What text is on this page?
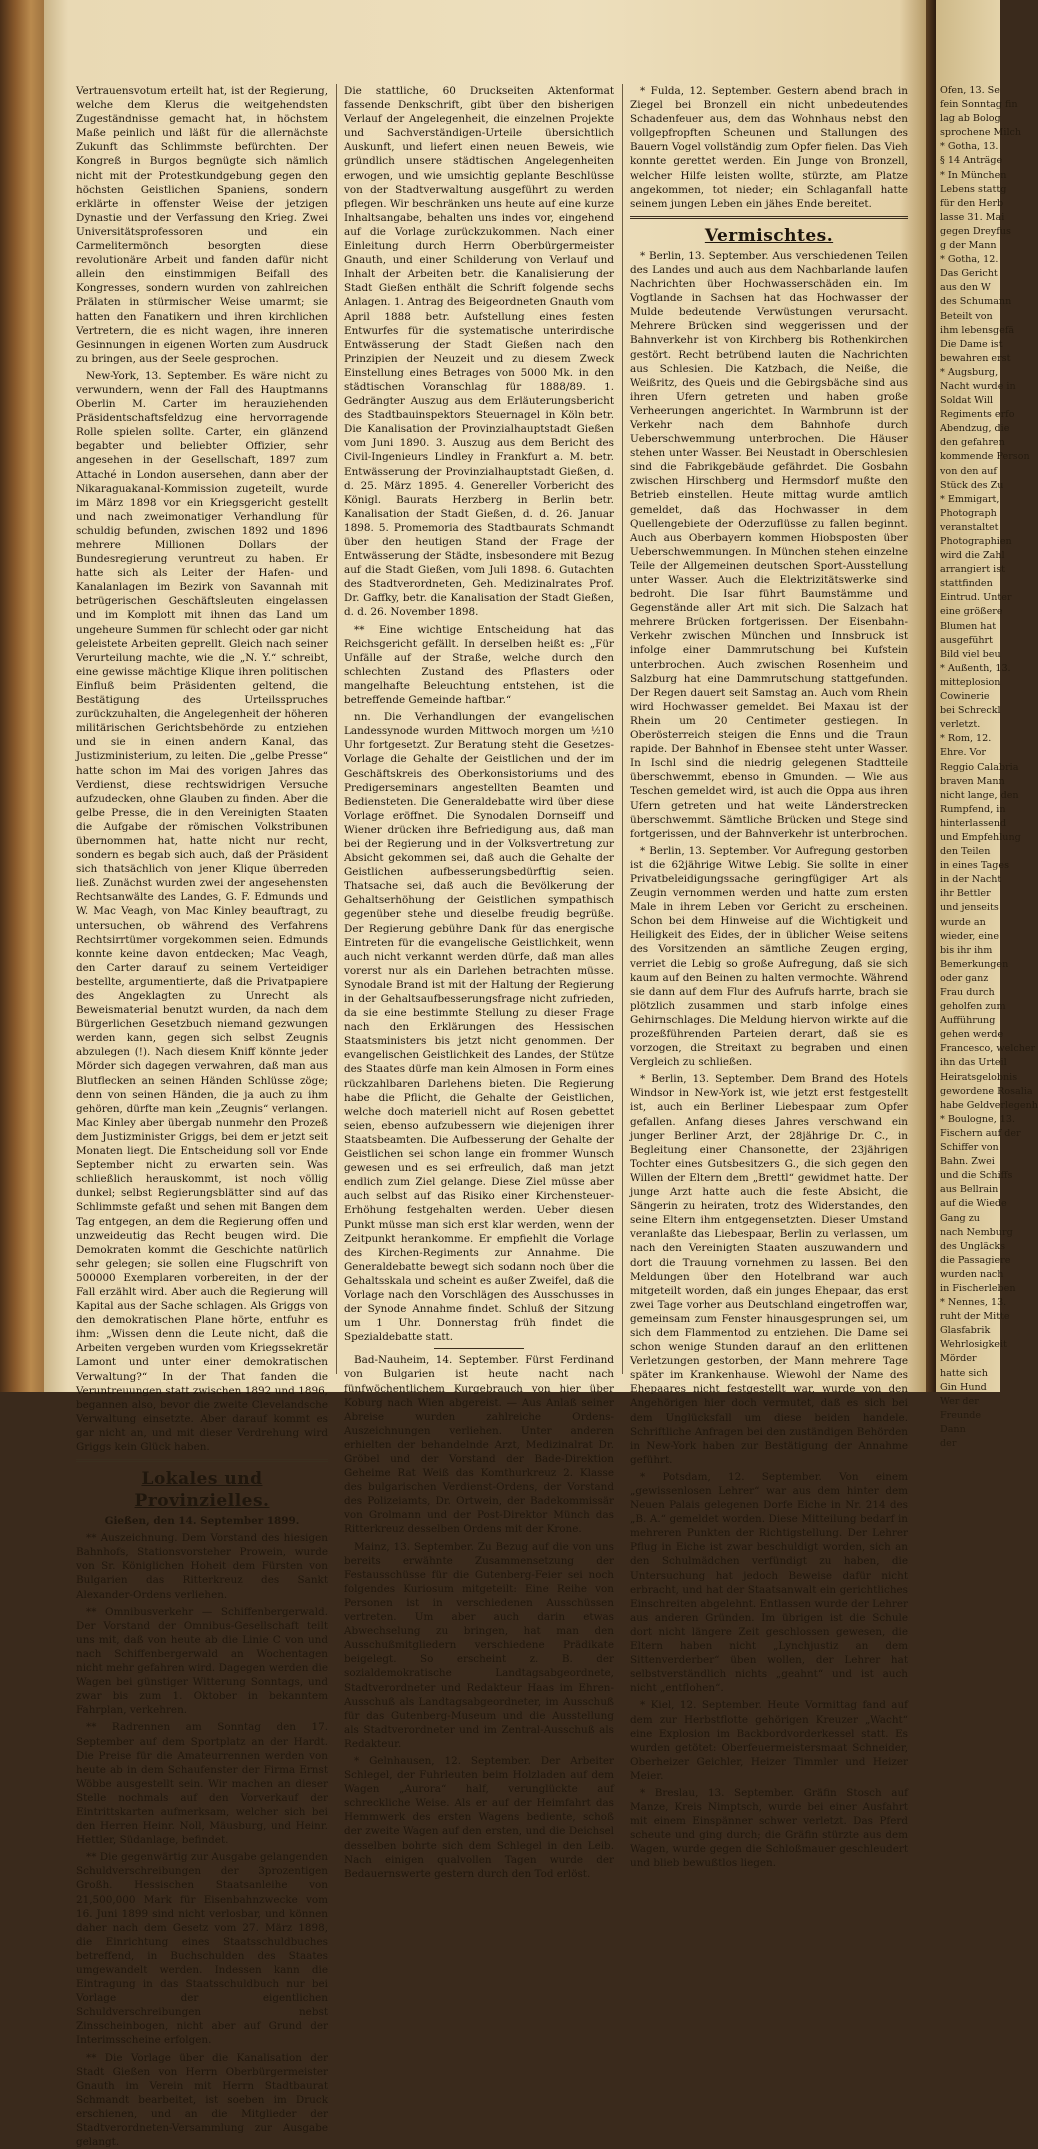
Vertrauensvotum erteilt hat, ist der Regierung, welche dem Klerus die weitgehendsten Zugeständnisse gemacht hat, in höchstem Maße peinlich und läßt für die allernächste Zukunft das Schlimmste befürchten. Der Kongreß in Burgos begnügte sich nämlich nicht mit der Protestkundgebung gegen den höchsten Geistlichen Spaniens, sondern erklärte in offenster Weise der jetzigen Dynastie und der Verfassung den Krieg. Zwei Universitätsprofessoren und ein Carmelitermönch besorgten diese revolutionäre Arbeit und fanden dafür nicht allein den einstimmigen Beifall des Kongresses, sondern wurden von zahlreichen Prälaten in stürmischer Weise umarmt; sie hatten den Fanatikern und ihren kirchlichen Vertretern, die es nicht wagen, ihre inneren Gesinnungen in eigenen Worten zum Ausdruck zu bringen, aus der Seele gesprochen.

New-York, 13. September. Es wäre nicht zu verwundern, wenn der Fall des Hauptmanns Oberlin M. Carter im herauziehenden Präsidentschaftsfeldzug eine hervorragende Rolle spielen sollte. Carter, ein glänzend begabter und beliebter Offizier, sehr angesehen in der Gesellschaft, 1897 zum Attaché in London ausersehen, dann aber der Nikaraguakanal-Kommission zugeteilt, wurde im März 1898 vor ein Kriegsgericht gestellt und nach zweimonatiger Verhandlung für schuldig befunden, zwischen 1892 und 1896 mehrere Millionen Dollars der Bundesregierung veruntreut zu haben. Er hatte sich als Leiter der Hafen- und Kanalanlagen im Bezirk von Savannah mit betrügerischen Geschäftsleuten eingelassen und im Komplott mit ihnen das Land um ungeheure Summen für schlecht oder gar nicht geleistete Arbeiten geprellt. Gleich nach seiner Verurteilung machte, wie die „N. Y.“ schreibt, eine gewisse mächtige Klique ihren politischen Einfluß beim Präsidenten geltend, die Bestätigung des Urteilsspruches zurückzuhalten, die Angelegenheit der höheren militärischen Gerichtsbehörde zu entziehen und sie in einen andern Kanal, das Justizministerium, zu leiten. Die „gelbe Presse“ hatte schon im Mai des vorigen Jahres das Verdienst, diese rechtswidrigen Versuche aufzudecken, ohne Glauben zu finden. Aber die gelbe Presse, die in den Vereinigten Staaten die Aufgabe der römischen Volkstribunen übernommen hat, hatte nicht nur recht, sondern es begab sich auch, daß der Präsident sich thatsächlich von jener Klique überreden ließ. Zunächst wurden zwei der angesehensten Rechtsanwälte des Landes, G. F. Edmunds und W. Mac Veagh, von Mac Kinley beauftragt, zu untersuchen, ob während des Verfahrens Rechtsirrtümer vorgekommen seien. Edmunds konnte keine davon entdecken; Mac Veagh, den Carter darauf zu seinem Verteidiger bestellte, argumentierte, daß die Privatpapiere des Angeklagten zu Unrecht als Beweismaterial benutzt wurden, da nach dem Bürgerlichen Gesetzbuch niemand gezwungen werden kann, gegen sich selbst Zeugnis abzulegen (!). Nach diesem Kniff könnte jeder Mörder sich dagegen verwahren, daß man aus Blutflecken an seinen Händen Schlüsse zöge; denn von seinen Händen, die ja auch zu ihm gehören, dürfte man kein „Zeugnis“ verlangen. Mac Kinley aber übergab nunmehr den Prozeß dem Justizminister Griggs, bei dem er jetzt seit Monaten liegt. Die Entscheidung soll vor Ende September nicht zu erwarten sein. Was schließlich herauskommt, ist noch völlig dunkel; selbst Regierungsblätter sind auf das Schlimmste gefaßt und sehen mit Bangen dem Tag entgegen, an dem die Regierung offen und unzweideutig das Recht beugen wird. Die Demokraten kommt die Geschichte natürlich sehr gelegen; sie sollen eine Flugschrift von 500000 Exemplaren vorbereiten, in der der Fall erzählt wird. Aber auch die Regierung will Kapital aus der Sache schlagen. Als Griggs von den demokratischen Plane hörte, entfuhr es ihm: „Wissen denn die Leute nicht, daß die Arbeiten vergeben wurden vom Kriegssekretär Lamont und unter einer demokratischen Verwaltung?“ In der That fanden die Veruntreuungen statt zwischen 1892 und 1896, begannen also, bevor die zweite Clevelandsche Verwaltung einsetzte. Aber darauf kommt es gar nicht an, und mit dieser Verdrehung wird Griggs kein Glück haben.

Lokales und Provinzielles.

Gießen, den 14. September 1899.

** Auszeichnung. Dem Vorstand des hiesigen Bahnhofs, Stationsvorsteher Prowein, wurde von Sr. Königlichen Hoheit dem Fürsten von Bulgarien das Ritterkreuz des Sankt Alexander-Ordens verliehen.

** Omnibusverkehr — Schiffenbergerwald. Der Vorstand der Omnibus-Gesellschaft teilt uns mit, daß von heute ab die Linie C von und nach Schiffenbergerwald an Wochentagen nicht mehr gefahren wird. Dagegen werden die Wagen bei günstiger Witterung Sonntags, und zwar bis zum 1. Oktober in bekanntem Fahrplan, verkehren.

** Radrennen am Sonntag den 17. September auf dem Sportplatz an der Hardt. Die Preise für die Amateurrennen werden von heute ab in dem Schaufenster der Firma Ernst Wöbbe ausgestellt sein. Wir machen an dieser Stelle nochmals auf den Vorverkauf der Eintrittskarten aufmerksam, welcher sich bei den Herren Heinr. Noll, Mäusburg, und Heinr. Hettler, Südanlage, befindet.

** Die gegenwärtig zur Ausgabe gelangenden Schuldverschreibungen der 3prozentigen Großh. Hessischen Staatsanleihe von 21,500,000 Mark für Eisenbahnzwecke vom 16. Juni 1899 sind nicht verlosbar, und können daher nach dem Gesetz vom 27. März 1898, die Einrichtung eines Staatsschuldbuches betreffend, in Buchschulden des Staates umgewandelt werden. Indessen kann die Eintragung in das Staatsschuldbuch nur bei Vorlage der eigentlichen Schuldverschreibungen nebst Zinsscheinbogen, nicht aber auf Grund der Interimsscheine erfolgen.

** Die Vorlage über die Kanalisation der Stadt Gießen von Herrn Oberbürgermeister Gnauth im Verein mit Herrn Stadtbaurat Schmandt bearbeitet, ist soeben im Druck erschienen, und an die Mitglieder der Stadtverordneten-Versammlung zur Ausgabe gelangt.

Die stattliche, 60 Druckseiten Aktenformat fassende Denkschrift, gibt über den bisherigen Verlauf der Angelegenheit, die einzelnen Projekte und Sachverständigen-Urteile übersichtlich Auskunft, und liefert einen neuen Beweis, wie gründlich unsere städtischen Angelegenheiten erwogen, und wie umsichtig geplante Beschlüsse von der Stadtverwaltung ausgeführt zu werden pflegen. Wir beschränken uns heute auf eine kurze Inhaltsangabe, behalten uns indes vor, eingehend auf die Vorlage zurückzukommen. Nach einer Einleitung durch Herrn Oberbürgermeister Gnauth, und einer Schilderung von Verlauf und Inhalt der Arbeiten betr. die Kanalisierung der Stadt Gießen enthält die Schrift folgende sechs Anlagen. 1. Antrag des Beigeordneten Gnauth vom April 1888 betr. Aufstellung eines festen Entwurfes für die systematische unterirdische Entwässerung der Stadt Gießen nach den Prinzipien der Neuzeit und zu diesem Zweck Einstellung eines Betrages von 5000 Mk. in den städtischen Voranschlag für 1888/89. 1. Gedrängter Auszug aus dem Erläuterungsbericht des Stadtbauinspektors Steuernagel in Köln betr. Die Kanalisation der Provinzialhauptstadt Gießen vom Juni 1890. 3. Auszug aus dem Bericht des Civil-Ingenieurs Lindley in Frankfurt a. M. betr. Entwässerung der Provinzialhauptstadt Gießen, d. d. 25. März 1895. 4. Genereller Vorbericht des Königl. Baurats Herzberg in Berlin betr. Kanalisation der Stadt Gießen, d. d. 26. Januar 1898. 5. Promemoria des Stadtbaurats Schmandt über den heutigen Stand der Frage der Entwässerung der Städte, insbesondere mit Bezug auf die Stadt Gießen, vom Juli 1898. 6. Gutachten des Stadtverordneten, Geh. Medizinalrates Prof. Dr. Gaffky, betr. die Kanalisation der Stadt Gießen, d. d. 26. November 1898.

** Eine wichtige Entscheidung hat das Reichsgericht gefällt. In derselben heißt es: „Für Unfälle auf der Straße, welche durch den schlechten Zustand des Pflasters oder mangelhafte Beleuchtung entstehen, ist die betreffende Gemeinde haftbar.“

nn. Die Verhandlungen der evangelischen Landessynode wurden Mittwoch morgen um ½10 Uhr fortgesetzt. Zur Beratung steht die Gesetzes-Vorlage die Gehalte der Geistlichen und der im Geschäftskreis des Oberkonsistoriums und des Predigerseminars angestellten Beamten und Bediensteten. Die Generaldebatte wird über diese Vorlage eröffnet. Die Synodalen Dornseiff und Wiener drücken ihre Befriedigung aus, daß man bei der Regierung und in der Volksvertretung zur Absicht gekommen sei, daß auch die Gehalte der Geistlichen aufbesserungsbedürftig seien. Thatsache sei, daß auch die Bevölkerung der Gehaltserhöhung der Geistlichen sympathisch gegenüber stehe und dieselbe freudig begrüße. Der Regierung gebühre Dank für das energische Eintreten für die evangelische Geistlichkeit, wenn auch nicht verkannt werden dürfe, daß man alles vorerst nur als ein Darlehen betrachten müsse. Synodale Brand ist mit der Haltung der Regierung in der Gehaltsaufbesserungsfrage nicht zufrieden, da sie eine bestimmte Stellung zu dieser Frage nach den Erklärungen des Hessischen Staatsministers bis jetzt nicht genommen. Der evangelischen Geistlichkeit des Landes, der Stütze des Staates dürfe man kein Almosen in Form eines rückzahlbaren Darlehens bieten. Die Regierung habe die Pflicht, die Gehalte der Geistlichen, welche doch materiell nicht auf Rosen gebettet seien, ebenso aufzubessern wie diejenigen ihrer Staatsbeamten. Die Aufbesserung der Gehalte der Geistlichen sei schon lange ein frommer Wunsch gewesen und es sei erfreulich, daß man jetzt endlich zum Ziel gelange. Diese Ziel müsse aber auch selbst auf das Risiko einer Kirchensteuer-Erhöhung festgehalten werden. Ueber diesen Punkt müsse man sich erst klar werden, wenn der Zeitpunkt herankomme. Er empfiehlt die Vorlage des Kirchen-Regiments zur Annahme. Die Generaldebatte bewegt sich sodann noch über die Gehaltsskala und scheint es außer Zweifel, daß die Vorlage nach den Vorschlägen des Ausschusses in der Synode Annahme findet. Schluß der Sitzung um 1 Uhr. Donnerstag früh findet die Spezialdebatte statt.

Bad-Nauheim, 14. September. Fürst Ferdinand von Bulgarien ist heute nacht nach fünfwöchentlichem Kurgebrauch von hier über Koburg nach Wien abgereist. — Aus Anlaß seiner Abreise wurden zahlreiche Ordens-Auszeichnungen verliehen. Unter anderen erhielten der behandelnde Arzt, Medizinalrat Dr. Gröbel und der Vorstand der Bade-Direktion Geheime Rat Weiß das Komthurkreuz 2. Klasse des bulgarischen Verdienst-Ordens, der Vorstand des Polizeiamts, Dr. Ortwein, der Badekommissär von Grolmann und der Post-Direktor Münch das Ritterkreuz desselben Ordens mit der Krone.

Mainz, 13. September. Zu Bezug auf die von uns bereits erwähnte Zusammensetzung der Festausschüsse für die Gutenberg-Feier sei noch folgendes Kuriosum mitgeteilt: Eine Reihe von Personen ist in verschiedenen Ausschüssen vertreten. Um aber auch darin etwas Abwechselung zu bringen, hat man den Ausschußmitgliedern verschiedene Prädikate beigelegt. So erscheint z. B. der sozialdemokratische Landtagsabgeordnete, Stadtverordneter und Redakteur Haas im Ehren-Ausschuß als Landtagsabgeordneter, im Ausschuß für das Gutenberg-Museum und die Ausstellung als Stadtverordneter und im Zentral-Ausschuß als Redakteur.

* Gelnhausen, 12. September. Der Arbeiter Schlegel, der Fuhrleuten beim Holzladen auf dem Wagen „Aurora“ half, verunglückte auf schreckliche Weise. Als er auf der Heimfahrt das Hemmwerk des ersten Wagens bediente, schoß der zweite Wagen auf den ersten, und die Deichsel desselben bohrte sich dem Schlegel in den Leib. Nach einigen qualvollen Tagen wurde der Bedauernswerte gestern durch den Tod erlöst.

* Fulda, 12. September. Gestern abend brach in Ziegel bei Bronzell ein nicht unbedeutendes Schadenfeuer aus, dem das Wohnhaus nebst den vollgepfropften Scheunen und Stallungen des Bauern Vogel vollständig zum Opfer fielen. Das Vieh konnte gerettet werden. Ein Junge von Bronzell, welcher Hilfe leisten wollte, stürzte, am Platze angekommen, tot nieder; ein Schlaganfall hatte seinem jungen Leben ein jähes Ende bereitet.

Vermischtes.

* Berlin, 13. September. Aus verschiedenen Teilen des Landes und auch aus dem Nachbarlande laufen Nachrichten über Hochwasserschäden ein. Im Vogtlande in Sachsen hat das Hochwasser der Mulde bedeutende Verwüstungen verursacht. Mehrere Brücken sind weggerissen und der Bahnverkehr ist von Kirchberg bis Rothenkirchen gestört. Recht betrübend lauten die Nachrichten aus Schlesien. Die Katzbach, die Neiße, die Weißritz, des Queis und die Gebirgsbäche sind aus ihren Ufern getreten und haben große Verheerungen angerichtet. In Warmbrunn ist der Verkehr nach dem Bahnhofe durch Ueberschwemmung unterbrochen. Die Häuser stehen unter Wasser. Bei Neustadt in Oberschlesien sind die Fabrikgebäude gefährdet. Die Gosbahn zwischen Hirschberg und Hermsdorf mußte den Betrieb einstellen. Heute mittag wurde amtlich gemeldet, daß das Hochwasser in dem Quellengebiete der Oderzuflüsse zu fallen beginnt. Auch aus Oberbayern kommen Hiobsposten über Ueberschwemmungen. In München stehen einzelne Teile der Allgemeinen deutschen Sport-Ausstellung unter Wasser. Auch die Elektrizitätswerke sind bedroht. Die Isar führt Baumstämme und Gegenstände aller Art mit sich. Die Salzach hat mehrere Brücken fortgerissen. Der Eisenbahn-Verkehr zwischen München und Innsbruck ist infolge einer Dammrutschung bei Kufstein unterbrochen. Auch zwischen Rosenheim und Salzburg hat eine Dammrutschung stattgefunden. Der Regen dauert seit Samstag an. Auch vom Rhein wird Hochwasser gemeldet. Bei Maxau ist der Rhein um 20 Centimeter gestiegen. In Oberösterreich steigen die Enns und die Traun rapide. Der Bahnhof in Ebensee steht unter Wasser. In Ischl sind die niedrig gelegenen Stadtteile überschwemmt, ebenso in Gmunden. — Wie aus Teschen gemeldet wird, ist auch die Oppa aus ihren Ufern getreten und hat weite Länderstrecken überschwemmt. Sämtliche Brücken und Stege sind fortgerissen, und der Bahnverkehr ist unterbrochen.

* Berlin, 13. September. Vor Aufregung gestorben ist die 62jährige Witwe Lebig. Sie sollte in einer Privatbeleidigungssache geringfügiger Art als Zeugin vernommen werden und hatte zum ersten Male in ihrem Leben vor Gericht zu erscheinen. Schon bei dem Hinweise auf die Wichtigkeit und Heiligkeit des Eides, der in üblicher Weise seitens des Vorsitzenden an sämtliche Zeugen erging, verriet die Lebig so große Aufregung, daß sie sich kaum auf den Beinen zu halten vermochte. Während sie dann auf dem Flur des Aufrufs harrte, brach sie plötzlich zusammen und starb infolge eines Gehirnschlages. Die Meldung hiervon wirkte auf die prozeßführenden Parteien derart, daß sie es vorzogen, die Streitaxt zu begraben und einen Vergleich zu schließen.

* Berlin, 13. September. Dem Brand des Hotels Windsor in New-York ist, wie jetzt erst festgestellt ist, auch ein Berliner Liebespaar zum Opfer gefallen. Anfang dieses Jahres verschwand ein junger Berliner Arzt, der 28jährige Dr. C., in Begleitung einer Chansonette, der 23jährigen Tochter eines Gutsbesitzers G., die sich gegen den Willen der Eltern dem „Brettl“ gewidmet hatte. Der junge Arzt hatte auch die feste Absicht, die Sängerin zu heiraten, trotz des Widerstandes, den seine Eltern ihm entgegensetzten. Dieser Umstand veranlaßte das Liebespaar, Berlin zu verlassen, um nach den Vereinigten Staaten auszuwandern und dort die Trauung vornehmen zu lassen. Bei den Meldungen über den Hotelbrand war auch mitgeteilt worden, daß ein junges Ehepaar, das erst zwei Tage vorher aus Deutschland eingetroffen war, gemeinsam zum Fenster hinausgesprungen sei, um sich dem Flammentod zu entziehen. Die Dame sei schon wenige Stunden darauf an den erlittenen Verletzungen gestorben, der Mann mehrere Tage später im Krankenhause. Wiewohl der Name des Ehepaares nicht festgestellt war, wurde von den Angehörigen hier doch vermutet, daß es sich bei dem Unglücksfall um diese beiden handele. Schriftliche Anfragen bei den zuständigen Behörden in New-York haben zur Bestätigung der Annahme geführt.

* Potsdam, 12. September. Von einem „gewissenlosen Lehrer“ war aus dem hinter dem Neuen Palais gelegenen Dorfe Eiche in Nr. 214 des „B. A.“ gemeldet worden. Diese Mitteilung bedarf in mehreren Punkten der Richtigstellung. Der Lehrer Pflug in Eiche ist zwar beschuldigt worden, sich an den Schulmädchen verfündigt zu haben, die Untersuchung hat jedoch Beweise dafür nicht erbracht, und hat der Staatsanwalt ein gerichtliches Einschreiten abgelehnt. Entlassen wurde der Lehrer aus anderen Gründen. Im übrigen ist die Schule dort nicht längere Zeit geschlossen gewesen, die Eltern haben nicht „Lynchjustiz an dem Sittenverderber“ üben wollen, der Lehrer hat selbstverständlich nichts „geahnt“ und ist auch nicht „entflohen“.

* Kiel, 12. September. Heute Vormittag fand auf dem zur Herbstflotte gehörigen Kreuzer „Wacht“ eine Explosion im Backbordvorderkessel statt. Es wurden getötet: Oberfeuermeistersmaat Schneider, Oberheizer Geichler, Heizer Timmler und Heizer Meier.

* Breslau, 13. September. Gräfin Stosch auf Manze, Kreis Nimptsch, wurde bei einer Ausfahrt mit einem Einspänner schwer verletzt. Das Pferd scheute und ging durch; die Gräfin stürzte aus dem Wagen, wurde gegen die Schloßmauer geschleudert und blieb bewußtlos liegen.

Ofen, 13. Se
fein Sonntag fin
lag ab Bolog
sprochene Milch
* Gotha, 13.
§ 14 Anträge
* In München
Lebens stattg
für den Herb
lasse 31. Mai
gegen Dreyfus
g der Mann
* Gotha, 12.
Das Gericht
aus den W
des Schumann
Beteilt von
ihm lebensgefä
Die Dame ist
bewahren erst
* Augsburg,
Nacht wurde in
Soldat Will
Regiments erfo
Abendzug, die
den gefahren
kommende Person
von den auf
Stück des Zu
* Emmigart,
Photograph
veranstaltet
Photographien
wird die Zahl
arrangiert ist
stattfinden
Eintrud. Unter
eine größere
Blumen hat
ausgeführt
Bild viel beu
* Außenth, 13.
mitteplosion
Cowinerie
bei Schreckl
verletzt.
* Rom, 12.
Ehre. Vor
Reggio Calabria
braven Mann
nicht lange, den
Rumpfend, in
hinterlassend
und Empfehlung
den Teilen
in eines Tages
in der Nacht
ihr Bettler
und jenseits
wurde an
wieder, eine
bis ihr ihm
Bemerkungen
oder ganz
Frau durch
geholfen zum
Aufführung
gehen werde
Francesco, welcher
ihn das Urteil
Heiratsgelobnis
gewordene Rosalia
habe Geldverlegenh
* Boulogne, 13.
Fischern auf der
Schiffer von
Bahn. Zwei
und die Schiffs
aus Bellrain
auf die Wiede
Gang zu
nach Nemburg
des Ungläcks
die Passagiere
wurden nach
in Fischerleben
* Nennes, 13.
ruht der Mitte
Glasfabrik
Wehrlosigkeit
Mörder
hatte sich
Gin Hund
Wer der
Freunde
Dann
der
